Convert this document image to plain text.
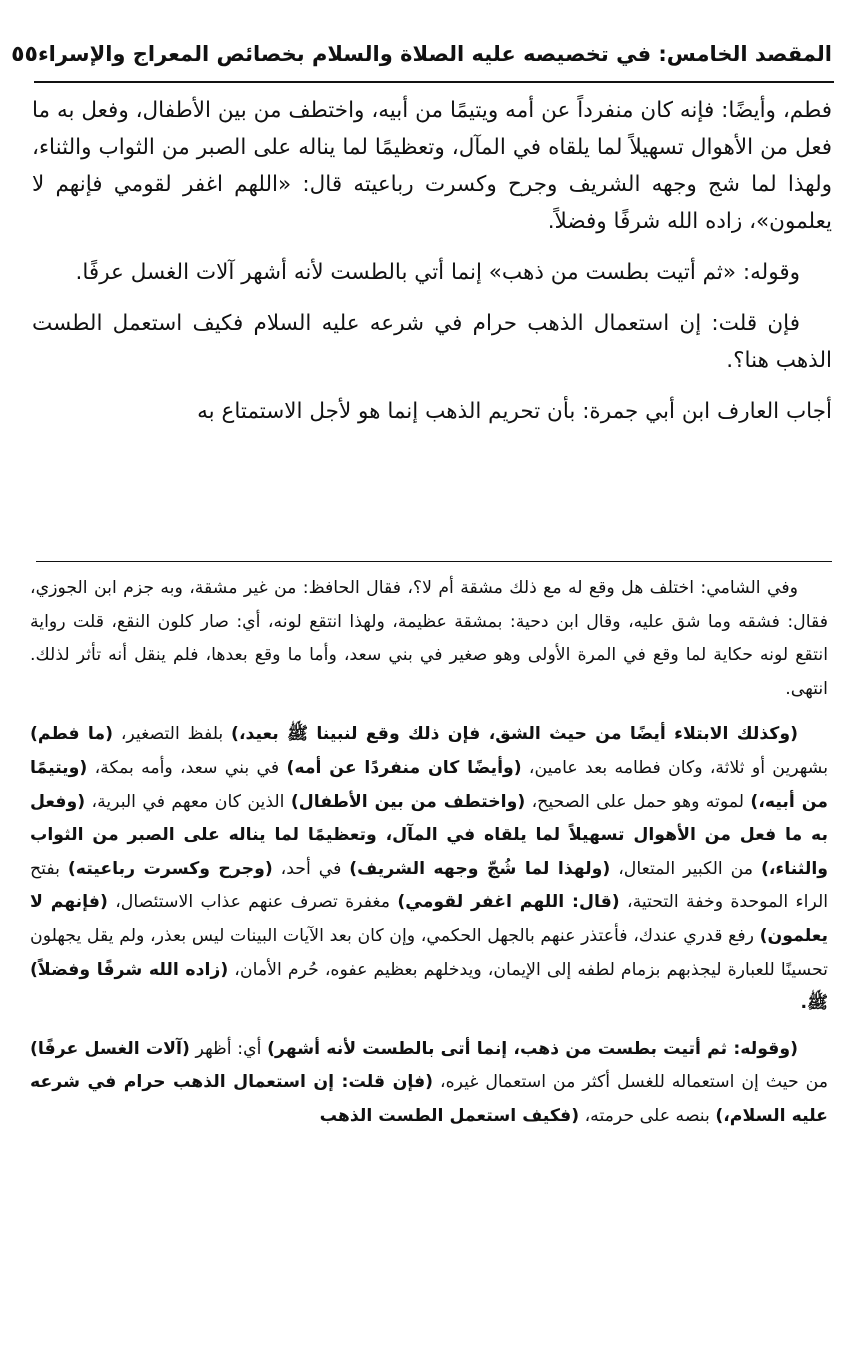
المقصد الخامس: في تخصيصه عليه الصلاة والسلام بخصائص المعراج والإسراء
٥٥

فطم، وأيضًا: فإنه كان منفرداً عن أمه ويتيمًا من أبيه، واختطف من بين الأطفال، وفعل به ما فعل من الأهوال تسهيلاً لما يلقاه في المآل، وتعظيمًا لما يناله على الصبر من الثواب والثناء، ولهذا لما شج وجهه الشريف وجرح وكسرت رباعيته قال: «اللهم اغفر لقومي فإنهم لا يعلمون»، زاده الله شرفًا وفضلاً.

وقوله: «ثم أتيت بطست من ذهب» إنما أتي بالطست لأنه أشهر آلات الغسل عرفًا.

فإن قلت: إن استعمال الذهب حرام في شرعه عليه السلام فكيف استعمل الطست الذهب هنا؟.

أجاب العارف ابن أبي جمرة: بأن تحريم الذهب إنما هو لأجل الاستمتاع به

وفي الشامي: اختلف هل وقع له مع ذلك مشقة أم لا؟، فقال الحافظ: من غير مشقة، وبه جزم ابن الجوزي، فقال: فشقه وما شق عليه، وقال ابن دحية: بمشقة عظيمة، ولهذا انتقع لونه، أي: صار كلون النقع، قلت رواية انتقع لونه حكاية لما وقع في المرة الأولى وهو صغير في بني سعد، وأما ما وقع بعدها، فلم ينقل أنه تأثر لذلك. انتهى.

(وكذلك الابتلاء أيضًا من حيث الشق، فإن ذلك وقع لنبينا ﷺ بعيد،) بلفظ التصغير، (ما فطم) بشهرين أو ثلاثة، وكان فطامه بعد عامين، (وأيضًا كان منفردًا عن أمه) في بني سعد، وأمه بمكة، (ويتيمًا من أبيه،) لموته وهو حمل على الصحيح، (واختطف من بين الأطفال) الذين كان معهم في البرية، (وفعل به ما فعل من الأهوال تسهيلاً لما يلقاه في المآل، وتعظيمًا لما يناله على الصبر من الثواب والثناء،) من الكبير المتعال، (ولهذا لما شُجّ وجهه الشريف) في أحد، (وجرح وكسرت رباعيته) بفتح الراء الموحدة وخفة التحتية، (قال: اللهم اغفر لقومي) مغفرة تصرف عنهم عذاب الاستئصال، (فإنهم لا يعلمون) رفع قدري عندك، فأعتذر عنهم بالجهل الحكمي، وإن كان بعد الآيات البينات ليس بعذر، ولم يقل يجهلون تحسينًا للعبارة ليجذبهم بزمام لطفه إلى الإيمان، ويدخلهم بعظيم عفوه، حُرم الأمان، (زاده الله شرفًا وفضلاً) ﷺ.

(وقوله: ثم أتيت بطست من ذهب، إنما أتى بالطست لأنه أشهر) أي: أظهر (آلات الغسل عرفًا) من حيث إن استعماله للغسل أكثر من استعمال غيره، (فإن قلت: إن استعمال الذهب حرام في شرعه عليه السلام،) بنصه على حرمته، (فكيف استعمل الطست الذهب
